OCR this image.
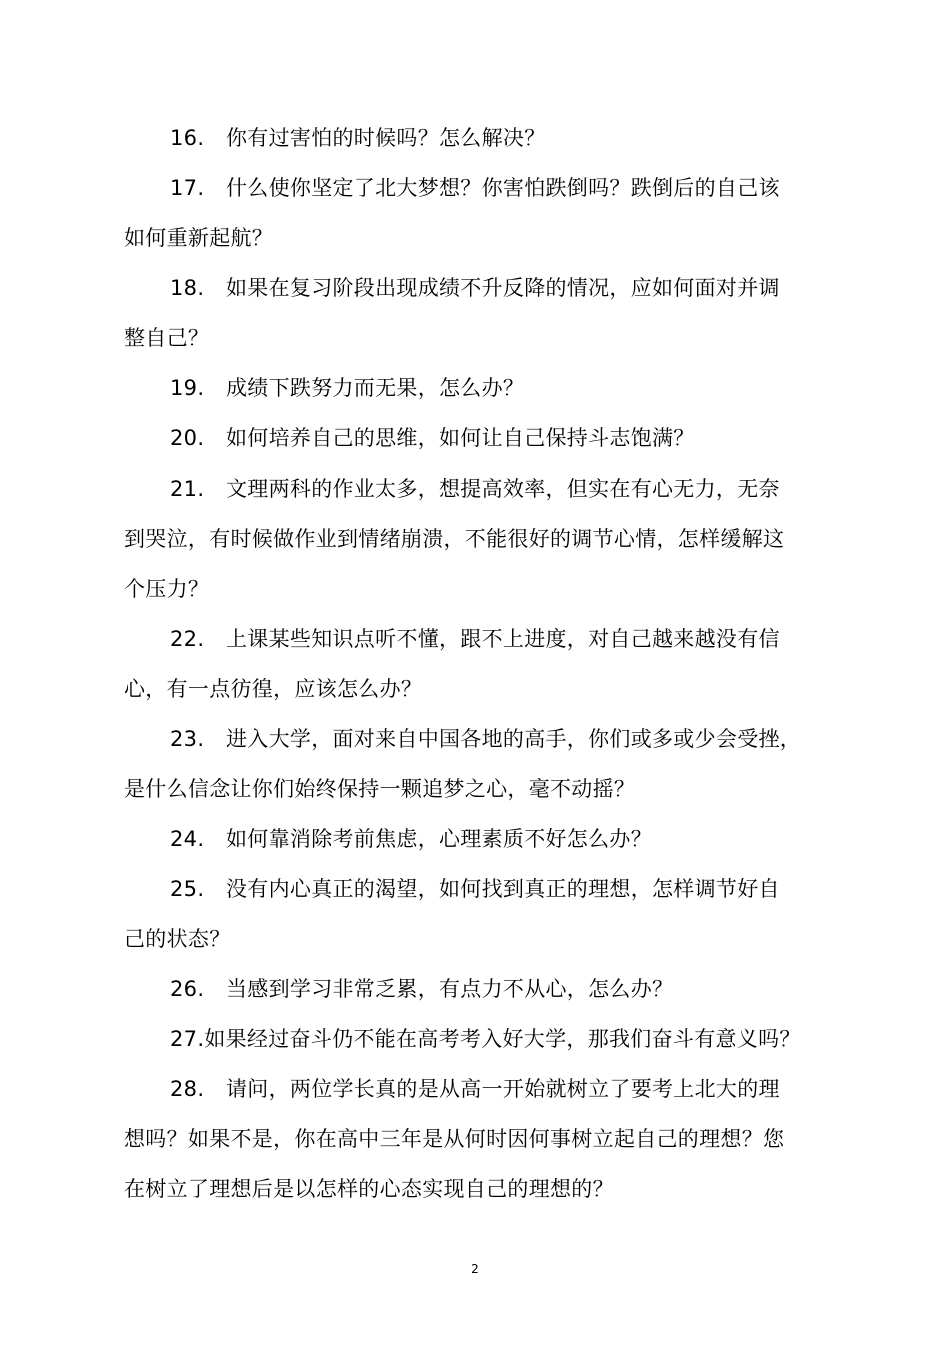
16. 你有过害怕的时候吗？怎么解决？
17. 什么使你坚定了北大梦想？你害怕跌倒吗？跌倒后的自己该
如何重新起航？
18. 如果在复习阶段出现成绩不升反降的情况，应如何面对并调
整自己？
19. 成绩下跌努力而无果，怎么办？
20. 如何培养自己的思维，如何让自己保持斗志饱满？
21. 文理两科的作业太多，想提高效率，但实在有心无力，无奈
到哭泣，有时候做作业到情绪崩溃，不能很好的调节心情，怎样缓解这
个压力？
22. 上课某些知识点听不懂，跟不上进度，对自己越来越没有信
心，有一点彷徨，应该怎么办？
23. 进入大学，面对来自中国各地的高手，你们或多或少会受挫，
是什么信念让你们始终保持一颗追梦之心，毫不动摇？
24. 如何靠消除考前焦虑，心理素质不好怎么办？
25. 没有内心真正的渴望，如何找到真正的理想，怎样调节好自
己的状态？
26. 当感到学习非常乏累，有点力不从心，怎么办？
27.如果经过奋斗仍不能在高考考入好大学，那我们奋斗有意义吗？
28. 请问，两位学长真的是从高一开始就树立了要考上北大的理
想吗？如果不是，你在高中三年是从何时因何事树立起自己的理想？您
在树立了理想后是以怎样的心态实现自己的理想的？
2
